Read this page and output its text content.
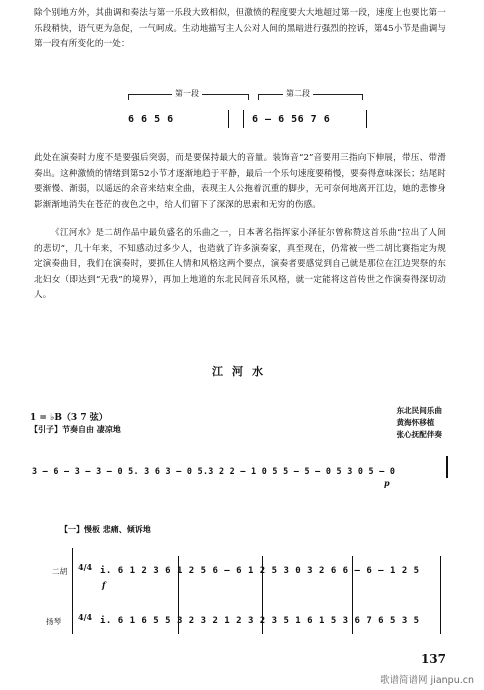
除个别地方外，其曲调和奏法与第一乐段大致相似，但激愤的程度要大大地超过第一段，速度上也要比第一乐段稍快，语气更为急促，一气呵成。生动地描写主人公对人间的黑暗进行强烈的控诉，第45小节是曲调与第一段有所变化的一处：

第一段	第二段
6 6 5 6	6 — 6 56 7 6

此处在演奏时力度不是要强后突弱，而是要保持最大的音量。装饰音“2”音要用三指向下伸展，带压、带滑奏出。这种激愤的情绪到第52小节才逐渐地趋于平静，最后一个乐句速度要稍慢，要奏得意味深长；结尾时要渐慢、渐弱，以遥远的余音来结束全曲，表现主人公拖着沉重的脚步，无可奈何地离开江边，她的悲惨身影渐渐地消失在苍茫的夜色之中，给人们留下了深深的思索和无穷的伤感。

《江河水》是二胡作品中最负盛名的乐曲之一，日本著名指挥家小泽征尔曾称赞这首乐曲“拉出了人间的悲切”，几十年来，不知感动过多少人，也造就了许多演奏家，真至现在，仍常被一些二胡比赛指定为规定演奏曲目，我们在演奏时，要抓住人情和风格这两个要点，演奏者要感觉到自己就是那位在江边哭祭的东北妇女（即达到“无我”的境界），再加上地道的东北民间音乐风格，就一定能将这首传世之作演奏得深切动人。

江河水
东北民间乐曲
黄海怀移植
张心抚配伴奏
1 = ♭B（3 7 弦）
【引子】节奏自由 凄凉地
3 — 6 — 3 — 3 — 0 5. 3 6 3 — 0 5.3 2 2 — 1 0 5 5 — 5 — 0 5 3 0 5 — 0
p
【一】慢板 悲痛、倾诉地
二胡 4/4 i. 6 1 2 3 6 1 2 5 6 — 6 1 2 5 3 0 3 2 6 6 — 6 — 1 2 5
f
扬琴 4/4 i. 6 1 6 5 5 3 2 3 2 1 2 3 2 3 5 1 6 1 5 3 6 7 6 5 3 5
137
歌谱简谱网 jianpu.cn
